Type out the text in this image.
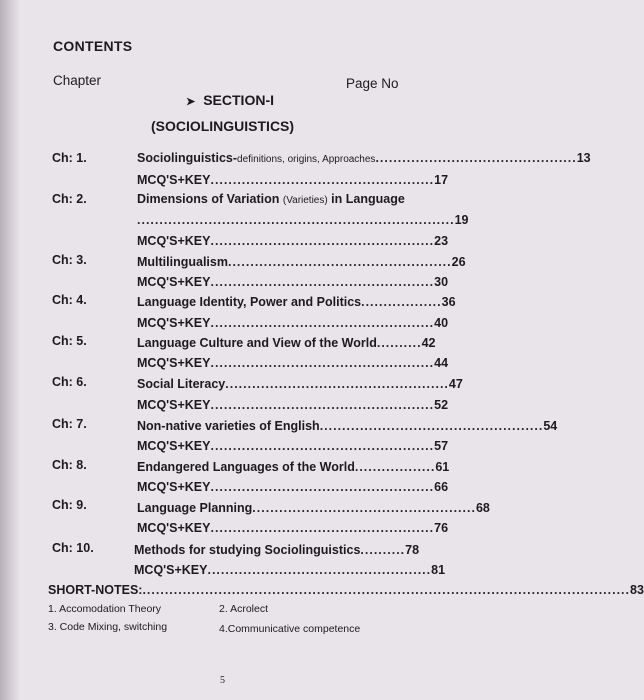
CONTENTS
Chapter	Page No
➤ SECTION-I
(SOCIOLINGUISTICS)
Ch: 1.	Sociolinguistics-definitions, origins, Approaches ............................................. 13
MCQ'S+KEY .................................................. 17
Ch: 2.	Dimensions of Variation (Varieties) in Language
....................................................................... 19
MCQ'S+KEY .................................................. 23
Ch: 3.	Multilingualism .................................................. 26
MCQ'S+KEY .................................................. 30
Ch: 4.	Language Identity, Power and Politics .................. 36
MCQ'S+KEY .................................................. 40
Ch: 5.	Language Culture and View of the World .......... 42
MCQ'S+KEY .................................................. 44
Ch: 6.	Social Literacy .................................................. 47
MCQ'S+KEY .................................................. 52
Ch: 7.	Non-native varieties of English .................................................. 54
MCQ'S+KEY .................................................. 57
Ch: 8.	Endangered Languages of the World .................. 61
MCQ'S+KEY .................................................. 66
Ch: 9.	Language Planning .................................................. 68
MCQ'S+KEY .................................................. 76
Ch: 10.	Methods for studying Sociolinguistics .......... 78
MCQ'S+KEY .................................................. 81
SHORT-NOTES: ............................................................................................................. 83
1. Accomodation Theory	2. Acrolect
3. Code Mixing, switching	4.Communicative competence
5
